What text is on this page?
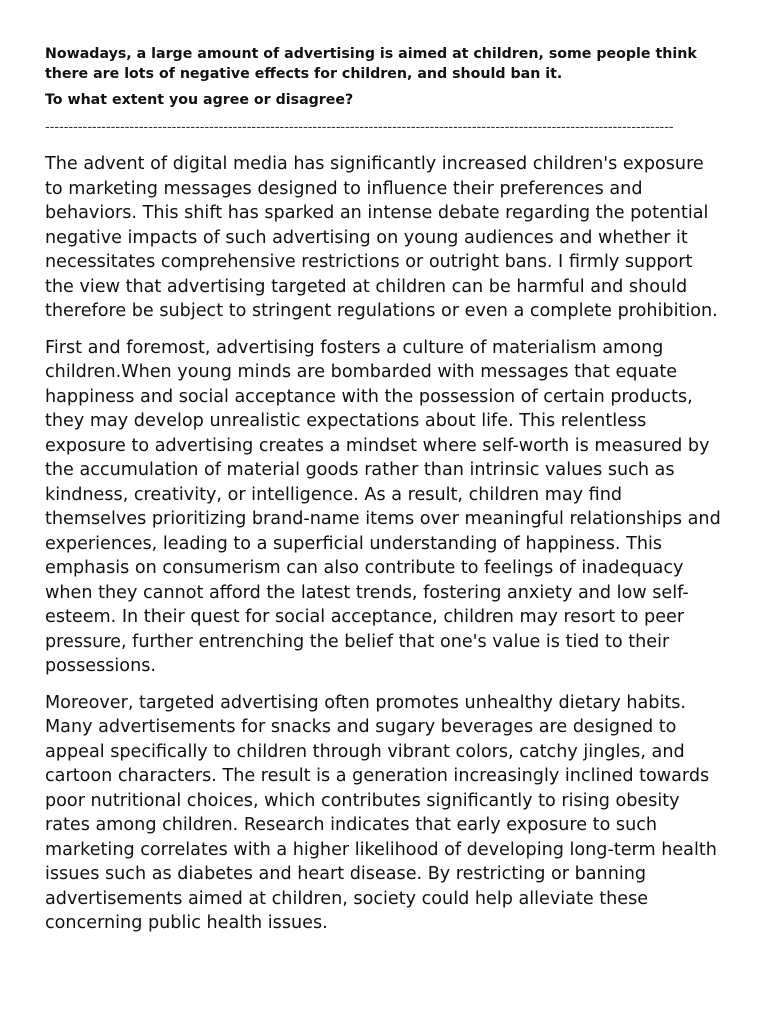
Nowadays, a large amount of advertising is aimed at children, some people think there are lots of negative effects for children, and should ban it.

To what extent you agree or disagree?

--------------------------------------------------------------------------------------------------------------------------------------

The advent of digital media has significantly increased children's exposure to marketing messages designed to influence their preferences and behaviors. This shift has sparked an intense debate regarding the potential negative impacts of such advertising on young audiences and whether it necessitates comprehensive restrictions or outright bans. I firmly support the view that advertising targeted at children can be harmful and should therefore be subject to stringent regulations or even a complete prohibition.

First and foremost, advertising fosters a culture of materialism among children.When young minds are bombarded with messages that equate happiness and social acceptance with the possession of certain products, they may develop unrealistic expectations about life. This relentless exposure to advertising creates a mindset where self-worth is measured by the accumulation of material goods rather than intrinsic values such as kindness, creativity, or intelligence. As a result, children may find themselves prioritizing brand-name items over meaningful relationships and experiences, leading to a superficial understanding of happiness. This emphasis on consumerism can also contribute to feelings of inadequacy when they cannot afford the latest trends, fostering anxiety and low self-esteem. In their quest for social acceptance, children may resort to peer pressure, further entrenching the belief that one's value is tied to their possessions.

Moreover, targeted advertising often promotes unhealthy dietary habits. Many advertisements for snacks and sugary beverages are designed to appeal specifically to children through vibrant colors, catchy jingles, and cartoon characters. The result is a generation increasingly inclined towards poor nutritional choices, which contributes significantly to rising obesity rates among children. Research indicates that early exposure to such marketing correlates with a higher likelihood of developing long-term health issues such as diabetes and heart disease. By restricting or banning advertisements aimed at children, society could help alleviate these concerning public health issues.
